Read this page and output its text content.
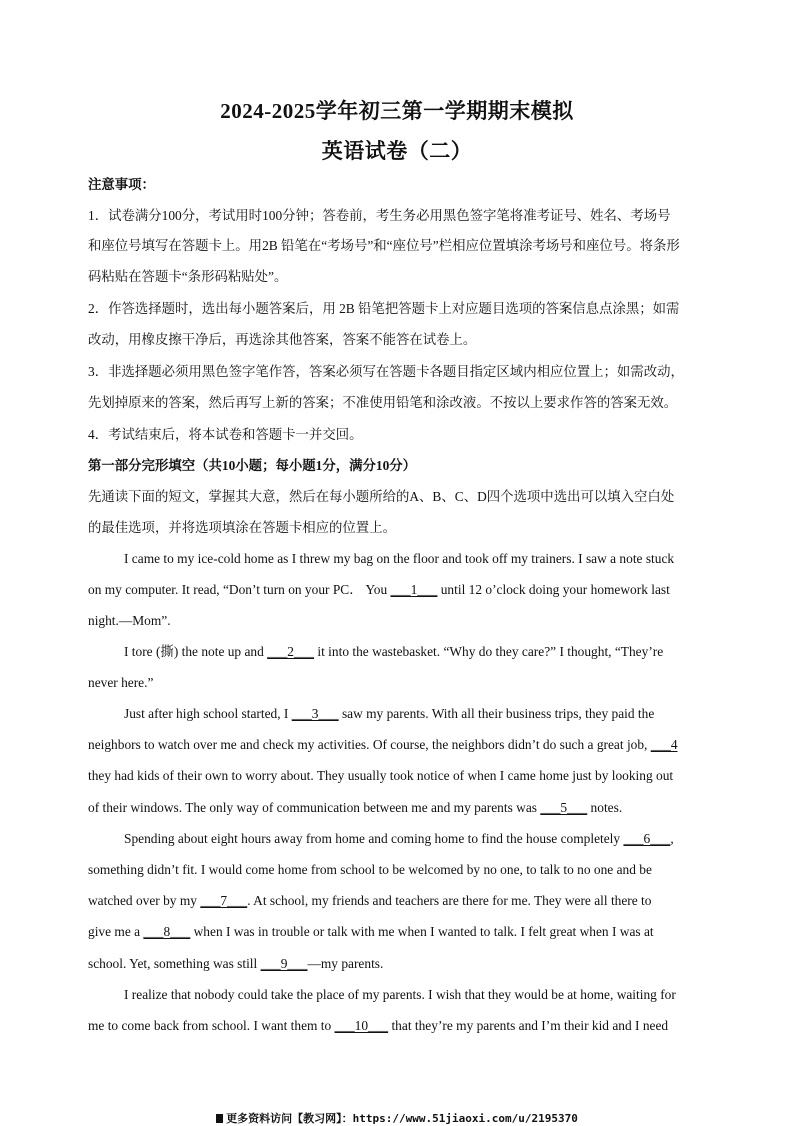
2024-2025学年初三第一学期期末模拟
英语试卷（二）
注意事项：
1．试卷满分100分，考试用时100分钟；答卷前，考生务必用黑色签字笔将准考证号、姓名、考场号
和座位号填写在答题卡上。用2B 铅笔在“考场号”和“座位号”栏相应位置填涂考场号和座位号。将条形
码粘贴在答题卡“条形码粘贴处”。
2．作答选择题时，选出每小题答案后，用 2B 铅笔把答题卡上对应题目选项的答案信息点涂黑；如需
改动，用橡皮擦干净后，再选涂其他答案，答案不能答在试卷上。
3．非选择题必须用黑色签字笔作答，答案必须写在答题卡各题目指定区域内相应位置上；如需改动，
先划掉原来的答案，然后再写上新的答案；不准使用铅笔和涂改液。不按以上要求作答的答案无效。
4．考试结束后，将本试卷和答题卡一并交回。
第一部分完形填空（共10小题；每小题1分，满分10分）
先通读下面的短文，掌握其大意，然后在每小题所给的A、B、C、D四个选项中选出可以填入空白处
的最佳选项，并将选项填涂在答题卡相应的位置上。
I came to my ice-cold home as I threw my bag on the floor and took off my trainers. I saw a note stuck
on my computer. It read, “Don’t turn on your PC． You ___1___ until 12 o’clock doing your homework last
night.—Mom”.
I tore (撕) the note up and ___2___ it into the wastebasket. “Why do they care?” I thought, “They’re
never here.”
Just after high school started, I ___3___ saw my parents. With all their business trips, they paid the
neighbors to watch over me and check my activities. Of course, the neighbors didn’t do such a great job, ___4
they had kids of their own to worry about. They usually took notice of when I came home just by looking out
of their windows. The only way of communication between me and my parents was ___5___ notes.
Spending about eight hours away from home and coming home to find the house completely ___6___,
something didn’t fit. I would come home from school to be welcomed by no one, to talk to no one and be
watched over by my ___7___. At school, my friends and teachers are there for me. They were all there to
give me a ___8___ when I was in trouble or talk with me when I wanted to talk. I felt great when I was at
school. Yet, something was still ___9___—my parents.
I realize that nobody could take the place of my parents. I wish that they would be at home, waiting for
me to come back from school. I want them to ___10___ that they’re my parents and I’m their kid and I need
更多资料访问【教习网】：https://www.51jiaoxi.com/u/2195370
